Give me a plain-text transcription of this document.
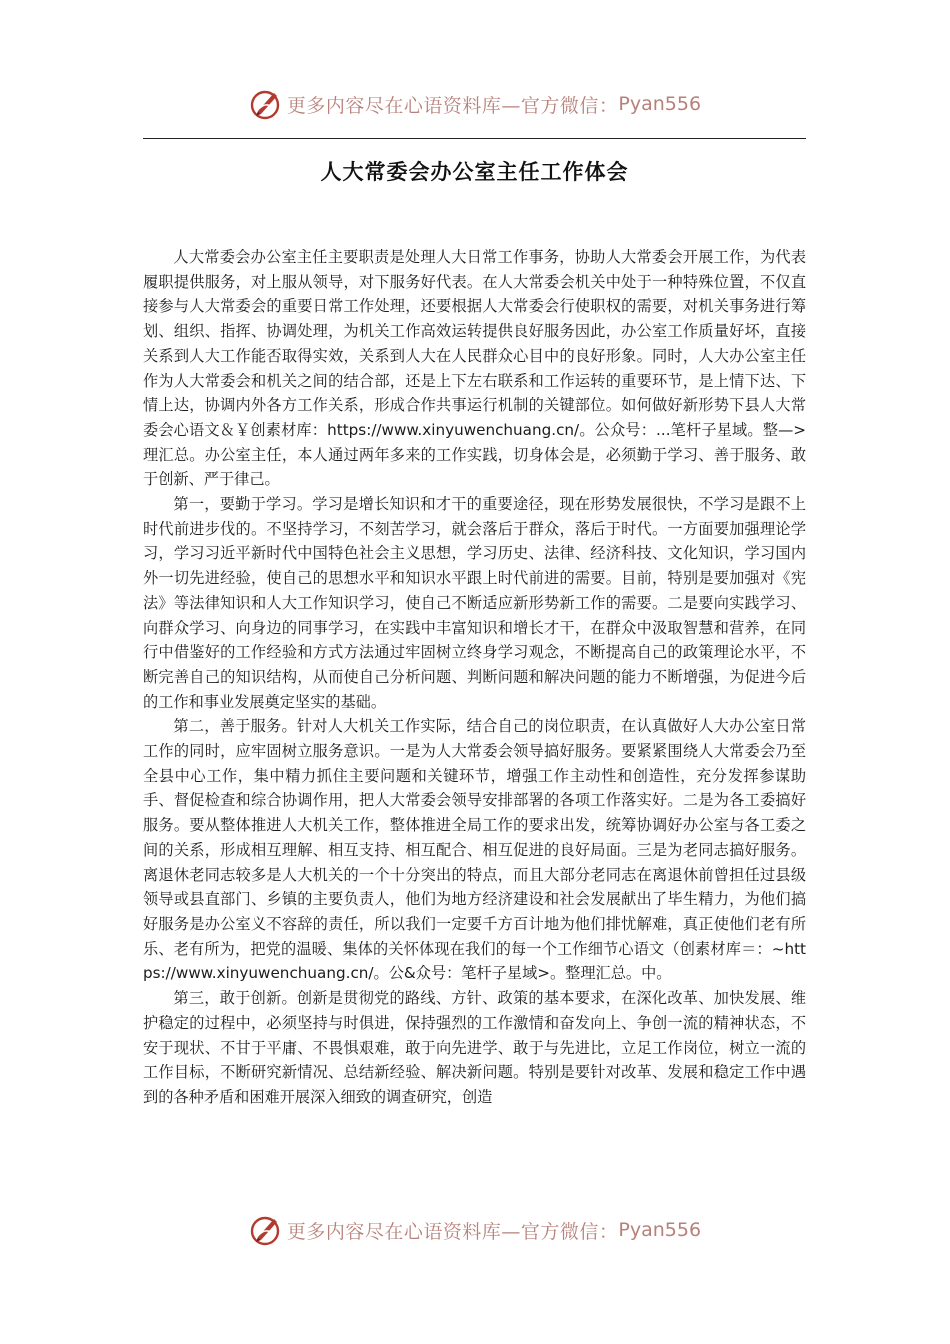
更多内容尽在心语资料库—官方微信： Pyan556
人大常委会办公室主任工作体会

人大常委会办公室主任主要职责是处理人大日常工作事务，协助人大常委会开展工作，为代表履职提供服务，对上服从领导，对下服务好代表。在人大常委会机关中处于一种特殊位置，不仅直接参与人大常委会的重要日常工作处理，还要根据人大常委会行使职权的需要，对机关事务进行筹划、组织、指挥、协调处理，为机关工作高效运转提供良好服务因此，办公室工作质量好坏，直接关系到人大工作能否取得实效，关系到人大在人民群众心目中的良好形象。同时，人大办公室主任作为人大常委会和机关之间的结合部，还是上下左右联系和工作运转的重要环节，是上情下达、下情上达，协调内外各方工作关系，形成合作共事运行机制的关键部位。如何做好新形势下县人大常委会心语文＆￥创素材库：https://www.xinyuwenchuang.cn/。公众号：...笔杆子星域。整—>理汇总。办公室主任，本人通过两年多来的工作实践，切身体会是，必须勤于学习、善于服务、敢于创新、严于律己。

第一，要勤于学习。学习是增长知识和才干的重要途径，现在形势发展很快，不学习是跟不上时代前进步伐的。不坚持学习，不刻苦学习，就会落后于群众，落后于时代。一方面要加强理论学习，学习习近平新时代中国特色社会主义思想，学习历史、法律、经济科技、文化知识，学习国内外一切先进经验，使自己的思想水平和知识水平跟上时代前进的需要。目前，特别是要加强对《宪法》等法律知识和人大工作知识学习，使自己不断适应新形势新工作的需要。二是要向实践学习、向群众学习、向身边的同事学习，在实践中丰富知识和增长才干，在群众中汲取智慧和营养，在同行中借鉴好的工作经验和方式方法通过牢固树立终身学习观念，不断提高自己的政策理论水平，不断完善自己的知识结构，从而使自己分析问题、判断问题和解决问题的能力不断增强，为促进今后的工作和事业发展奠定坚实的基础。

第二，善于服务。针对人大机关工作实际，结合自己的岗位职责，在认真做好人大办公室日常工作的同时，应牢固树立服务意识。一是为人大常委会领导搞好服务。要紧紧围绕人大常委会乃至全县中心工作，集中精力抓住主要问题和关键环节，增强工作主动性和创造性，充分发挥参谋助手、督促检查和综合协调作用，把人大常委会领导安排部署的各项工作落实好。二是为各工委搞好服务。要从整体推进人大机关工作，整体推进全局工作的要求出发，统筹协调好办公室与各工委之间的关系，形成相互理解、相互支持、相互配合、相互促进的良好局面。三是为老同志搞好服务。离退休老同志较多是人大机关的一个十分突出的特点，而且大部分老同志在离退休前曾担任过县级领导或县直部门、乡镇的主要负责人，他们为地方经济建设和社会发展献出了毕生精力，为他们搞好服务是办公室义不容辞的责任，所以我们一定要千方百计地为他们排忧解难，真正使他们老有所乐、老有所为，把党的温暖、集体的关怀体现在我们的每一个工作细节心语文（创素材库＝：~https://www.xinyuwenchuang.cn/。公&众号：笔杆子星域>。整理汇总。中。

第三，敢于创新。创新是贯彻党的路线、方针、政策的基本要求，在深化改革、加快发展、维护稳定的过程中，必须坚持与时俱进，保持强烈的工作激情和奋发向上、争创一流的精神状态，不安于现状、不甘于平庸、不畏惧艰难，敢于向先进学、敢于与先进比，立足工作岗位，树立一流的工作目标，不断研究新情况、总结新经验、解决新问题。特别是要针对改革、发展和稳定工作中遇到的各种矛盾和困难开展深入细致的调查研究，创造

更多内容尽在心语资料库—官方微信： Pyan556
